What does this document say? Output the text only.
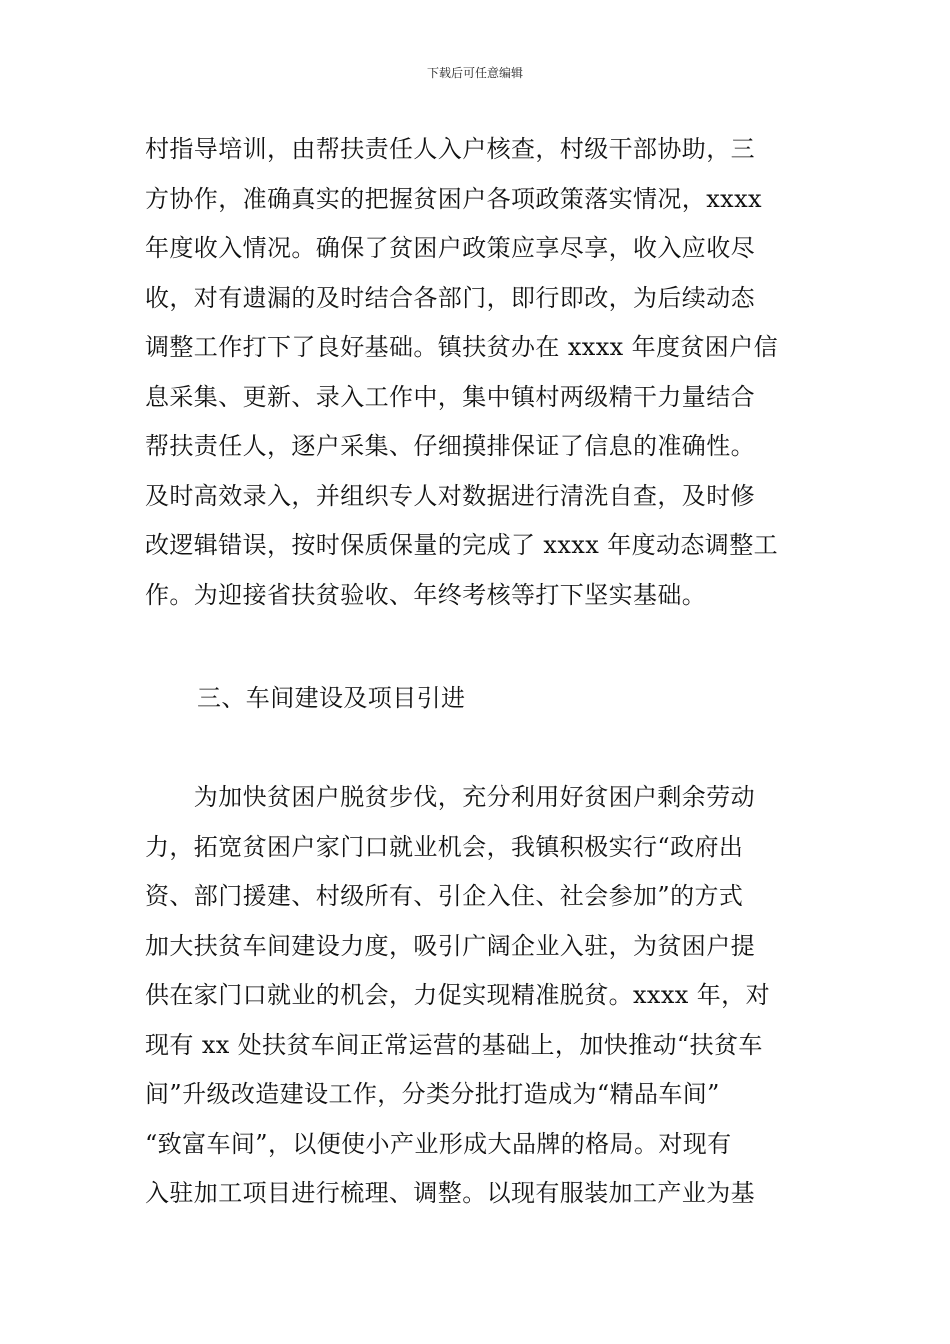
下载后可任意编辑
村指导培训，由帮扶责任人入户核查，村级干部协助，三
方协作，准确真实的把握贫困户各项政策落实情况，xxxx
年度收入情况。确保了贫困户政策应享尽享，收入应收尽
收，对有遗漏的及时结合各部门，即行即改，为后续动态
调整工作打下了良好基础。镇扶贫办在 xxxx 年度贫困户信
息采集、更新、录入工作中，集中镇村两级精干力量结合
帮扶责任人，逐户采集、仔细摸排保证了信息的准确性。
及时高效录入，并组织专人对数据进行清洗自查，及时修
改逻辑错误，按时保质保量的完成了 xxxx 年度动态调整工
作。为迎接省扶贫验收、年终考核等打下坚实基础。
三、车间建设及项目引进
　　为加快贫困户脱贫步伐，充分利用好贫困户剩余劳动
力，拓宽贫困户家门口就业机会，我镇积极实行“政府出
资、部门援建、村级所有、引企入住、社会参加”的方式
加大扶贫车间建设力度，吸引广阔企业入驻，为贫困户提
供在家门口就业的机会，力促实现精准脱贫。xxxx 年，对
现有 xx 处扶贫车间正常运营的基础上，加快推动“扶贫车
间”升级改造建设工作，分类分批打造成为“精品车间”
“致富车间”，以便使小产业形成大品牌的格局。对现有
入驻加工项目进行梳理、调整。以现有服装加工产业为基
